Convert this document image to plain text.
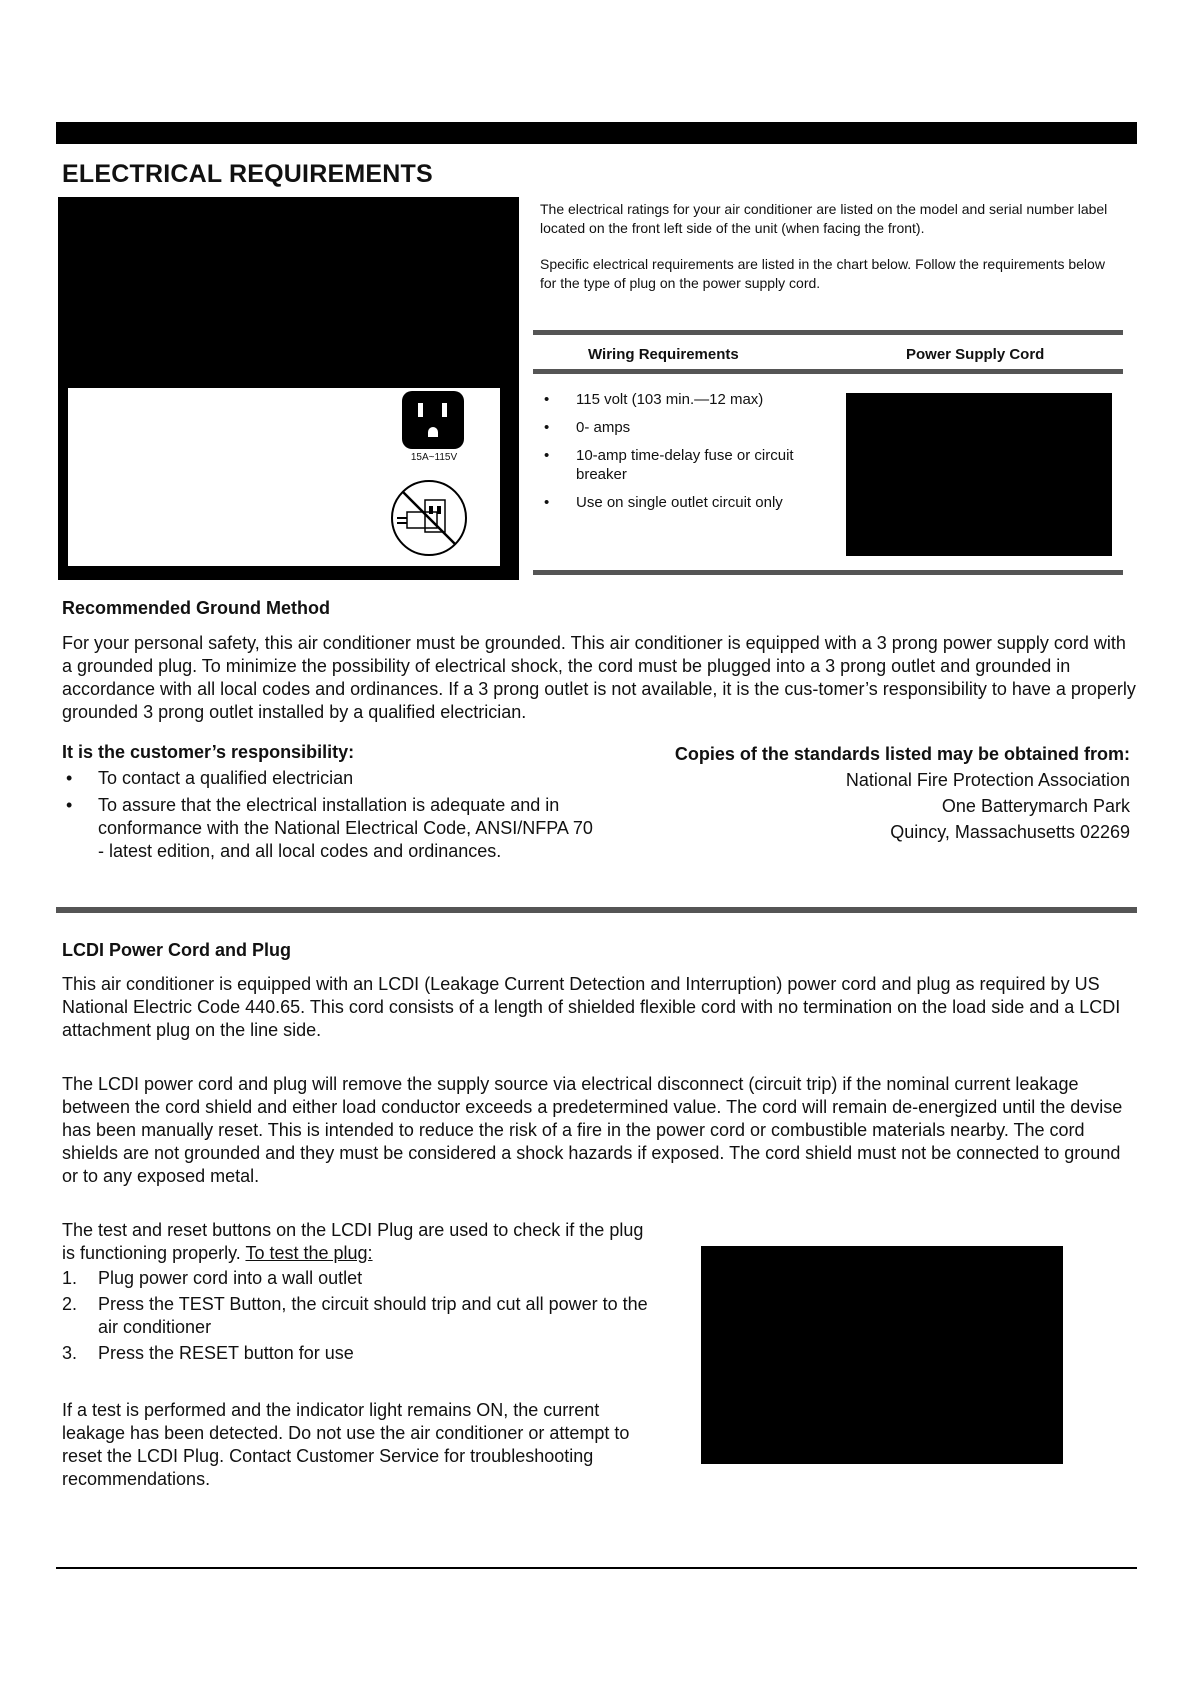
ELECTRICAL REQUIREMENTS
15A~115V

The electrical ratings for your air conditioner are listed on the model and serial number label located on the front left side of the unit (when facing the front).

Specific electrical requirements are listed in the chart below. Follow the requirements below for the type of plug on the power supply cord.

Wiring Requirements	Power Supply Cord
• 115 volt (103 min.—12 max)
• 0- amps
• 10-amp time-delay fuse or circuit breaker
• Use on single outlet circuit only
Recommended Ground Method
For your personal safety, this air conditioner must be grounded. This air conditioner is equipped with a 3 prong power supply cord with a grounded plug. To minimize the possibility of electrical shock, the cord must be plugged into a 3 prong outlet and grounded in accordance with all local codes and ordinances. If a 3 prong outlet is not available, it is the cus-tomer’s responsibility to have a properly grounded 3 prong outlet installed by a qualified electrician.
It is the customer’s responsibility:
• To contact a qualified electrician
• To assure that the electrical installation is adequate and in conformance with the National Electrical Code, ANSI/NFPA 70 - latest edition, and all local codes and ordinances.
Copies of the standards listed may be obtained from:
National Fire Protection Association
One Batterymarch Park
Quincy, Massachusetts 02269
LCDI Power Cord and Plug
This air conditioner is equipped with an LCDI (Leakage Current Detection and Interruption) power cord and plug as required by US National Electric Code 440.65. This cord consists of a length of shielded flexible cord with no termination on the load side and a LCDI attachment plug on the line side.
The LCDI power cord and plug will remove the supply source via electrical disconnect (circuit trip) if the nominal current leakage between the cord shield and either load conductor exceeds a predetermined value. The cord will remain de-energized until the devise has been manually reset. This is intended to reduce the risk of a fire in the power cord or combustible materials nearby. The cord shields are not grounded and they must be considered a shock hazards if exposed. The cord shield must not be connected to ground or to any exposed metal.
The test and reset buttons on the LCDI Plug are used to check if the plug is functioning properly. To test the plug:
1. Plug power cord into a wall outlet
2. Press the TEST Button, the circuit should trip and cut all power to the air conditioner
3. Press the RESET button for use
If a test is performed and the indicator light remains ON, the current leakage has been detected. Do not use the air conditioner or attempt to reset the LCDI Plug. Contact Customer Service for troubleshooting recommendations.
